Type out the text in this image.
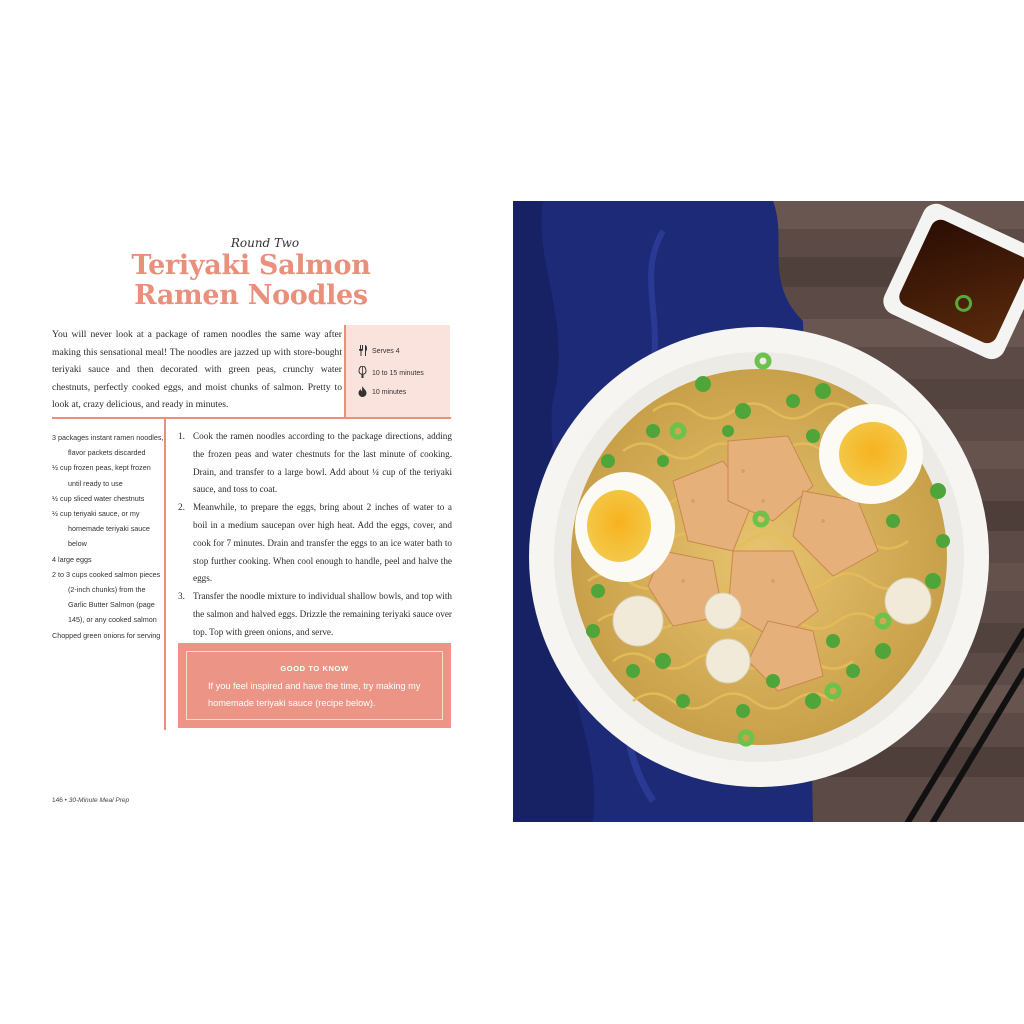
Round Two
Teriyaki Salmon
Ramen Noodles
You will never look at a package of ramen noodles the same way after making this sensational meal! The noodles are jazzed up with store-bought teriyaki sauce and then decorated with green peas, crunchy water chestnuts, perfectly cooked eggs, and moist chunks of salmon. Pretty to look at, crazy delicious, and ready in minutes.
Serves 4
10 to 15 minutes
10 minutes
3 packages instant ramen noodles, flavor packets discarded
½ cup frozen peas, kept frozen until ready to use
½ cup sliced water chestnuts
½ cup teriyaki sauce, or my homemade teriyaki sauce below
4 large eggs
2 to 3 cups cooked salmon pieces (2-inch chunks) from the Garlic Butter Salmon (page 145), or any cooked salmon
Chopped green onions for serving
1. Cook the ramen noodles according to the package directions, adding the frozen peas and water chestnuts for the last minute of cooking. Drain, and transfer to a large bowl. Add about ¼ cup of the teriyaki sauce, and toss to coat.
2. Meanwhile, to prepare the eggs, bring about 2 inches of water to a boil in a medium saucepan over high heat. Add the eggs, cover, and cook for 7 minutes. Drain and transfer the eggs to an ice water bath to stop further cooking. When cool enough to handle, peel and halve the eggs.
3. Transfer the noodle mixture to individual shallow bowls, and top with the salmon and halved eggs. Drizzle the remaining teriyaki sauce over top. Top with green onions, and serve.
GOOD TO KNOW
If you feel inspired and have the time, try making my homemade teriyaki sauce (recipe below).
146 • 30-Minute Meal Prep
